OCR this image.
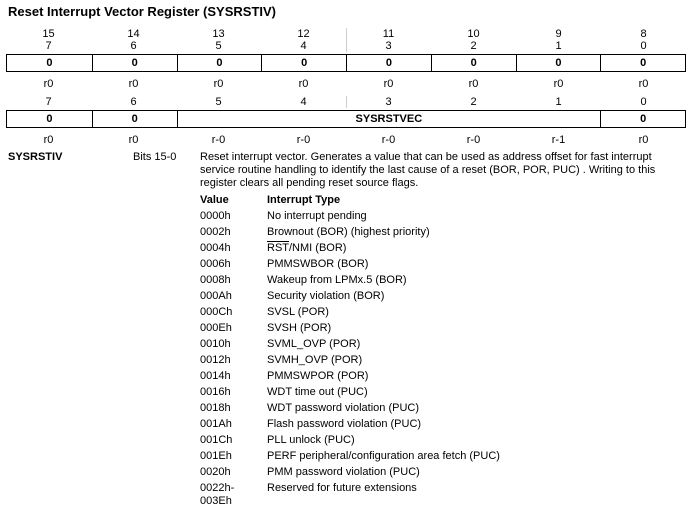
Reset Interrupt Vector Register (SYSRSTIV)
15	14	13	12	11	10	9	8
7	6	5	4	3	2	1	0
0	0	0	0	0	0	0	0
r0	r0	r0	r0	r0	r0	r0	r0
7	6	5	4	3	2	1	0
0	0	SYSRSTVEC	0
r0	r0	r-0	r-0	r-0	r-0	r-1	r0
SYSRSTIV	Bits 15-0 Reset interrupt vector. Generates a value that can be used as address offset for fast interrupt service routine handling to identify the last cause of a reset (BOR, POR, PUC) . Writing to this register clears all pending reset source flags.
Value	Interrupt Type
0000h	No interrupt pending
0002h	Brownout (BOR) (highest priority)
0004h	$\overline{RST}$/NMI (BOR)
0006h	PMMSWBOR (BOR)
0008h	Wakeup from LPMx.5 (BOR)
000Ah	Security violation (BOR)
000Ch	SVSL (POR)
000Eh	SVSH (POR)
0010h	SVML_OVP (POR)
0012h	SVMH_OVP (POR)
0014h	PMMSWPOR (POR)
0016h	WDT time out (PUC)
0018h	WDT password violation (PUC)
001Ah	Flash password violation (PUC)
001Ch	PLL unlock (PUC)
001Eh	PERF peripheral/configuration area fetch (PUC)
0020h	PMM password violation (PUC)
0022h-
003Eh	Reserved for future extensions
